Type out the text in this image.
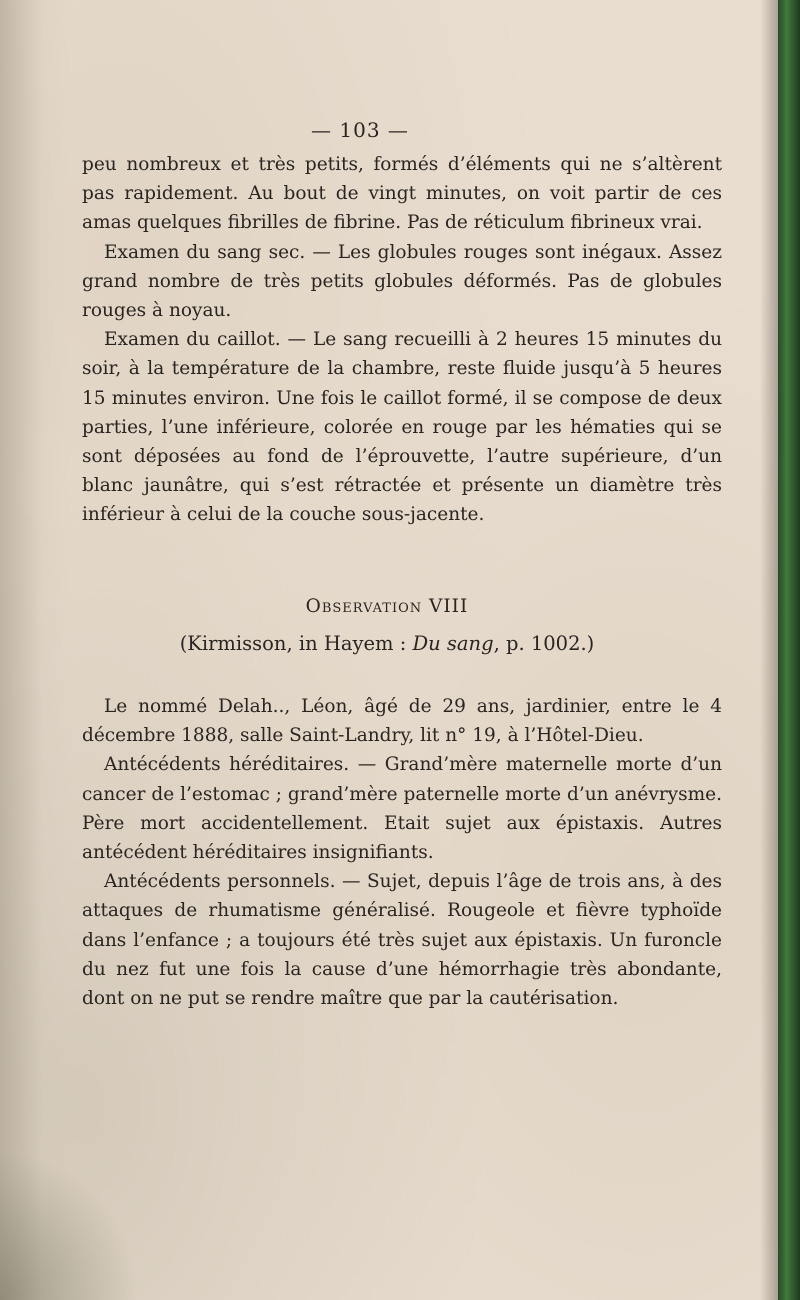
— 103 —

peu nombreux et très petits, formés d’éléments qui ne s’altèrent pas rapidement. Au bout de vingt minutes, on voit partir de ces amas quelques fibrilles de fibrine. Pas de réticulum fibrineux vrai.

Examen du sang sec. — Les globules rouges sont inégaux. Assez grand nombre de très petits globules déformés. Pas de globules rouges à noyau.

Examen du caillot. — Le sang recueilli à 2 heures 15 minutes du soir, à la température de la chambre, reste fluide jusqu’à 5 heures 15 minutes environ. Une fois le caillot formé, il se compose de deux parties, l’une inférieure, colorée en rouge par les hématies qui se sont déposées au fond de l’éprouvette, l’autre supérieure, d’un blanc jaunâtre, qui s’est rétractée et présente un diamètre très inférieur à celui de la couche sous-jacente.

Observation VIII

(Kirmisson, in Hayem : Du sang, p. 1002.)

Le nommé Delah.., Léon, âgé de 29 ans, jardinier, entre le 4 décembre 1888, salle Saint-Landry, lit n° 19, à l’Hôtel-Dieu.

Antécédents héréditaires. — Grand’mère maternelle morte d’un cancer de l’estomac ; grand’mère paternelle morte d’un anévrysme. Père mort accidentellement. Etait sujet aux épistaxis. Autres antécédent héréditaires insignifiants.

Antécédents personnels. — Sujet, depuis l’âge de trois ans, à des attaques de rhumatisme généralisé. Rougeole et fièvre typhoïde dans l’enfance ; a toujours été très sujet aux épistaxis. Un furoncle du nez fut une fois la cause d’une hémorrhagie très abondante, dont on ne put se rendre maître que par la cautérisation.
